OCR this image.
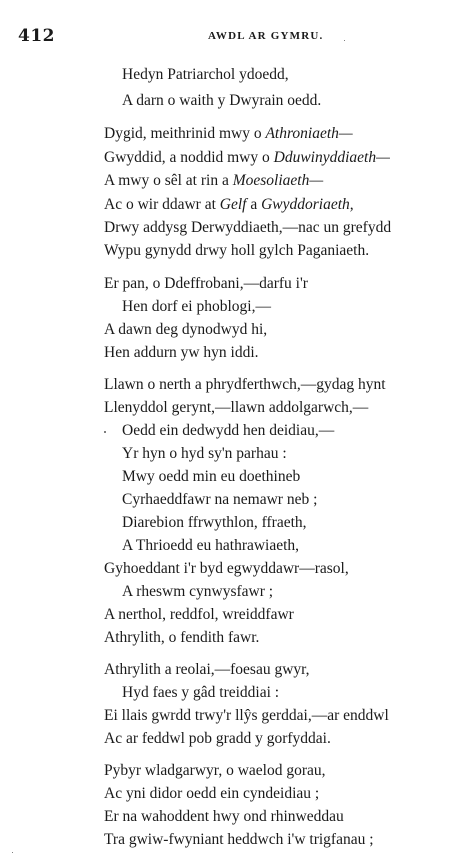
412	AWDL AR GYMRU.
Hedyn Patriarchol ydoedd,
A darn o waith y Dwyrain oedd.
Dygid, meithrinid mwy o Athroniaeth—
Gwyddid, a noddid mwy o Dduwinyddiaeth—
A mwy o sêl at rin a Moesoliaeth—
Ac o wir ddawr at Gelf a Gwyddoriaeth,
Drwy addysg Derwyddiaeth,—nac un grefydd
Wypu gynydd drwy holl gylch Paganiaeth.
Er pan, o Ddeffrobani,—darfu i'r
Hen dorf ei phoblogi,—
A dawn deg dynodwyd hi,
Hen addurn yw hyn iddi.
Llawn o nerth a phrydferthwch,—gydag hynt
Llenyddol gerynt,—llawn addolgarwch,—
Oedd ein dedwydd hen deidiau,—
Yr hyn o hyd sy'n parhau :
Mwy oedd min eu doethineb
Cyrhaeddfawr na nemawr neb ;
Diarebion ffrwythlon, ffraeth,
A Thrioedd eu hathrawiaeth,
Gyhoeddant i'r byd egwyddawr—rasol,
A rheswm cynwysfawr ;
A nerthol, reddfol, wreiddfawr
Athrylith, o fendith fawr.
Athrylith a reolai,—foesau gwyr,
Hyd faes y gâd treiddiai :
Ei llais gwrdd trwy'r llŷs gerddai,—ar enddwl
Ac ar feddwl pob gradd y gorfyddai.
Pybyr wladgarwyr, o waelod gorau,
Ac yni didor oedd ein cyndeidiau ;
Er na wahoddent hwy ond rhinweddau
Tra gwiw-fwyniant heddwch i'w trigfanau ;
